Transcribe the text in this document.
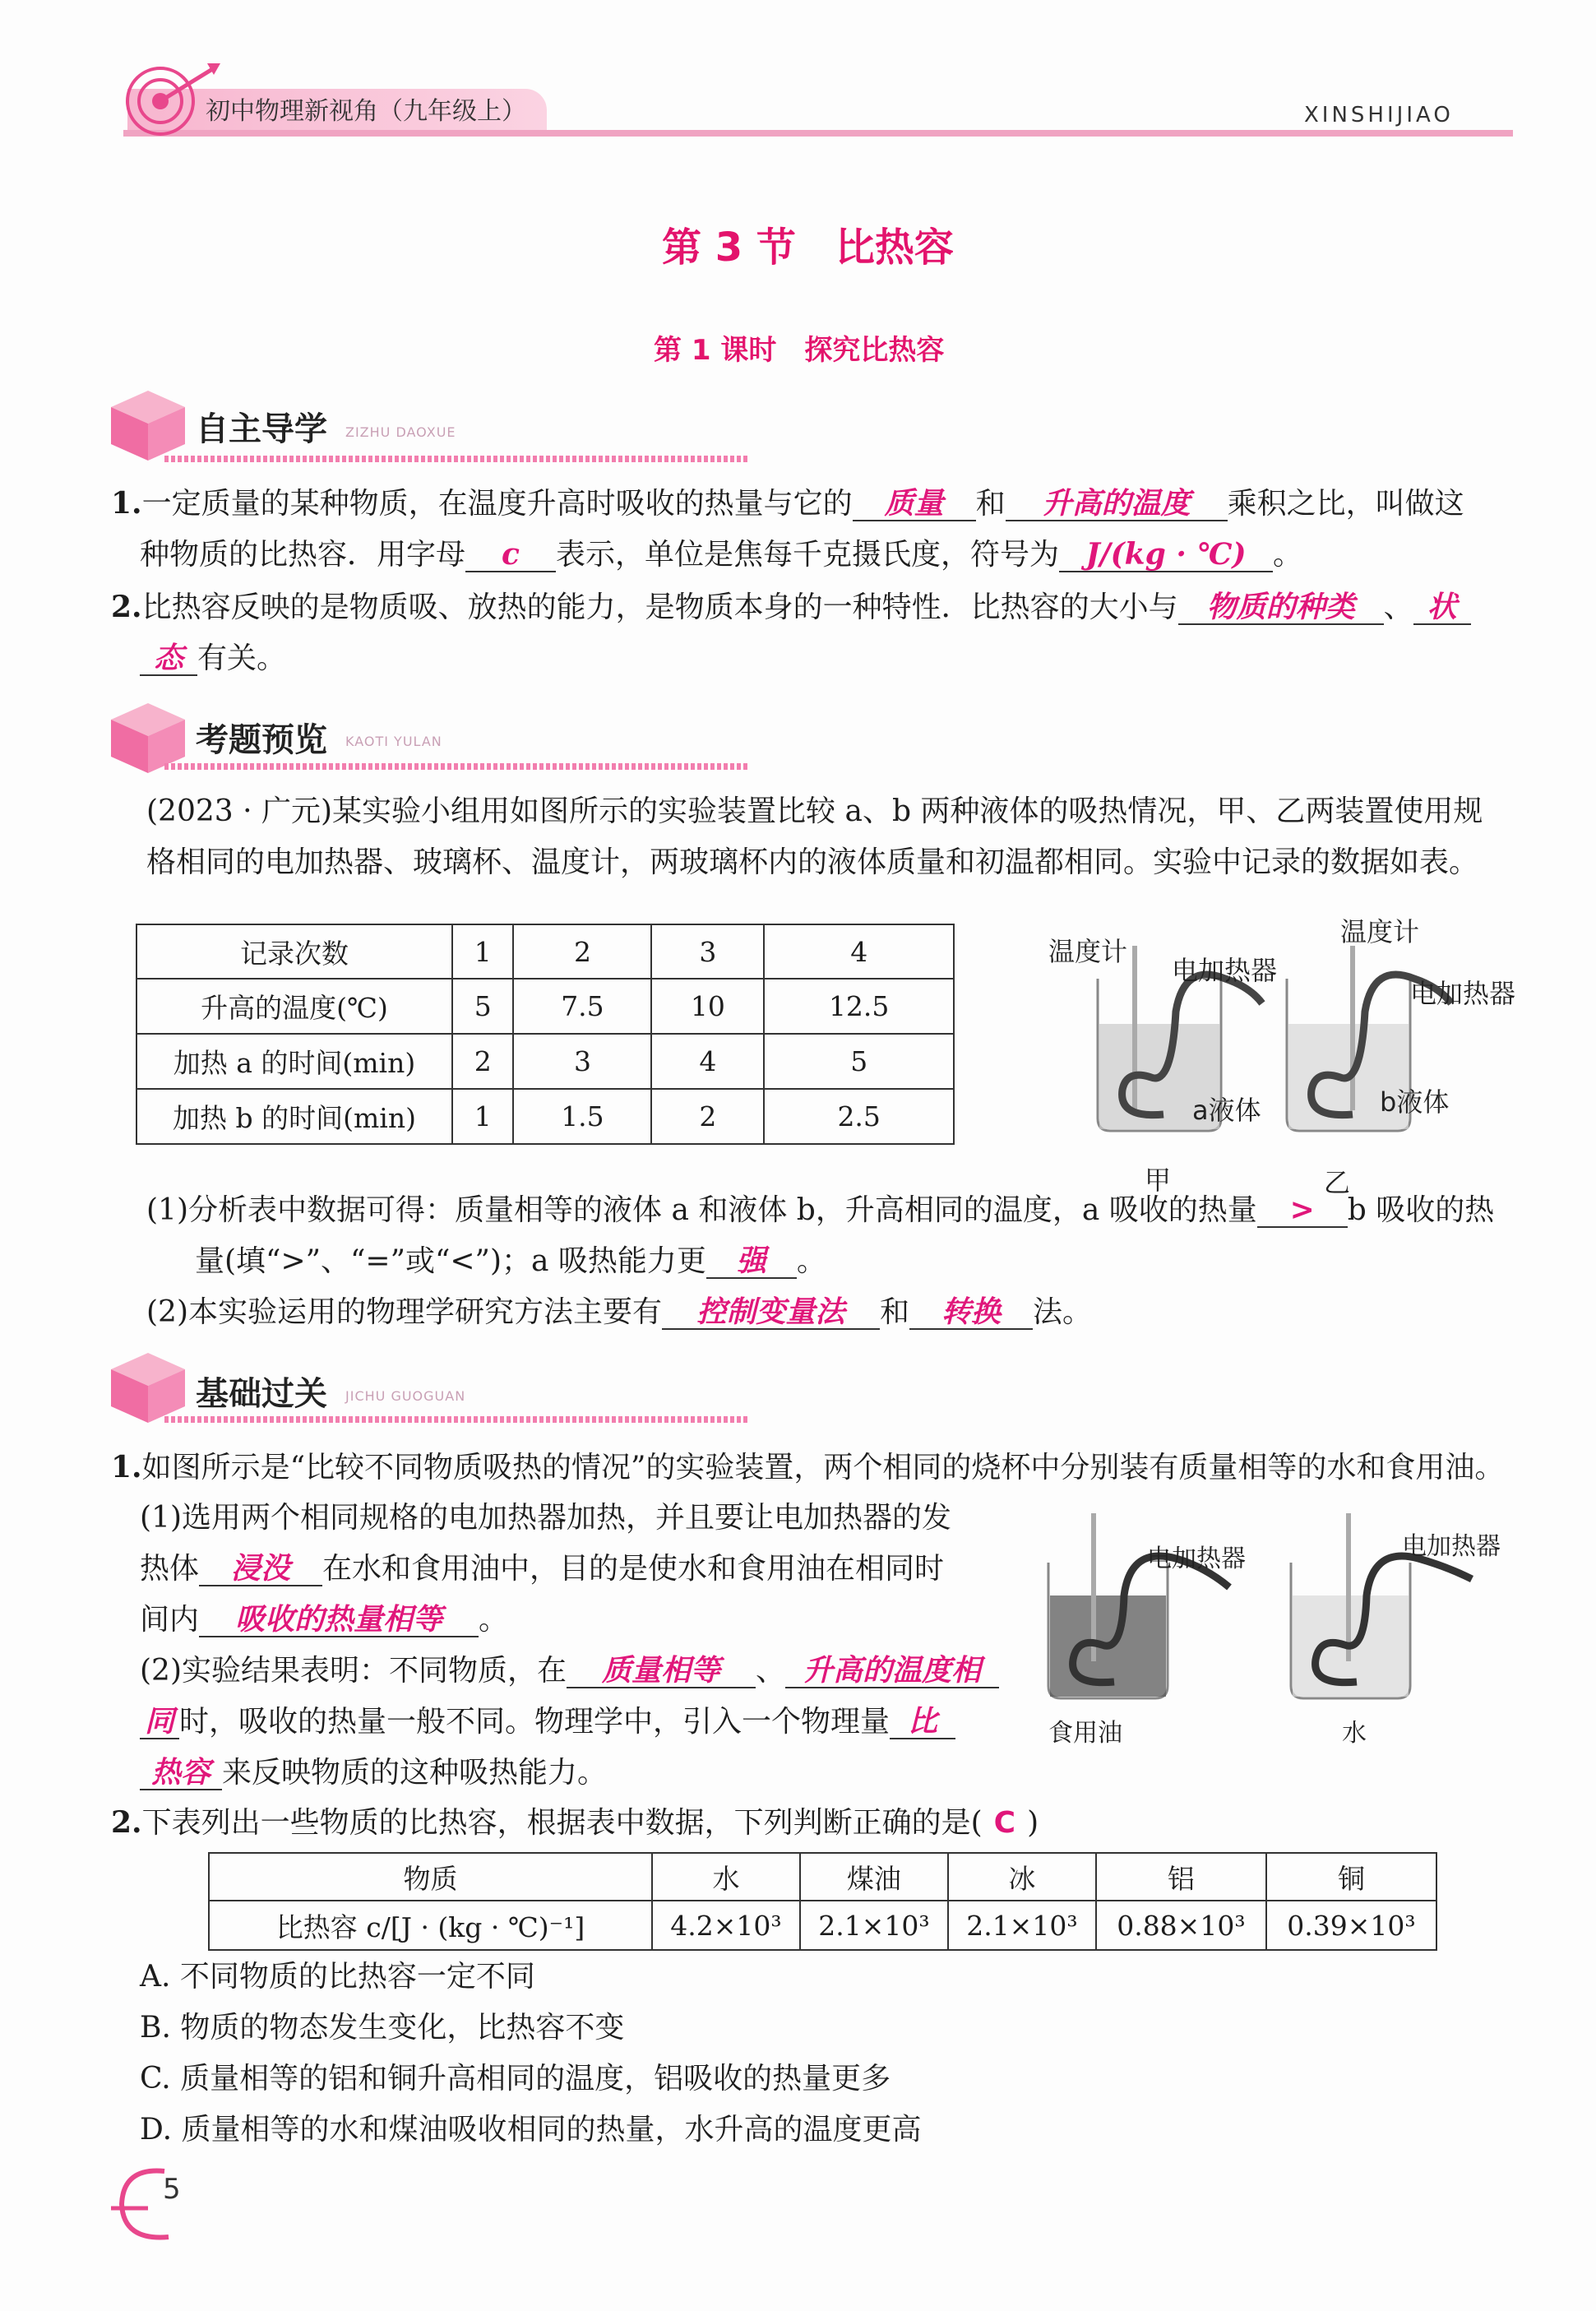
初中物理新视角（九年级上）	XINSHIJIAO
第 3 节　比热容
第 1 课时　探究比热容
自主导学 ZIZHU DAOXUE
1.一定质量的某种物质，在温度升高时吸收的热量与它的 质量 和 升高的温度 乘积之比，叫做这
种物质的比热容．用字母 c 表示，单位是焦每千克摄氏度，符号为 J/(kg · ℃) 。
2.比热容反映的是物质吸、放热的能力，是物质本身的一种特性．比热容的大小与 物质的种类 、 状
态 有关。
考题预览 KAOTI YULAN
(2023 · 广元)某实验小组用如图所示的实验装置比较 a、b 两种液体的吸热情况，甲、乙两装置使用规
格相同的电加热器、玻璃杯、温度计，两玻璃杯内的液体质量和初温都相同。实验中记录的数据如表。
记录次数	1	2	3	4
升高的温度(℃)	5	7.5	10	12.5
加热 a 的时间(min)	2	3	4	5
加热 b 的时间(min)	1	1.5	2	2.5
温度计
电加热器
a液体
甲
温度计
电加热器
b液体
乙
(1)分析表中数据可得：质量相等的液体 a 和液体 b，升高相同的温度，a 吸收的热量 > b 吸收的热
量(填“>”、“=”或“<”)；a 吸热能力更 强 。
(2)本实验运用的物理学研究方法主要有 控制变量法 和 转换 法。
基础过关 JICHU GUOGUAN
1.如图所示是“比较不同物质吸热的情况”的实验装置，两个相同的烧杯中分别装有质量相等的水和食用油。
(1)选用两个相同规格的电加热器加热，并且要让电加热器的发
热体 浸没 在水和食用油中，目的是使水和食用油在相同时
间内 吸收的热量相等 。
(2)实验结果表明：不同物质，在 质量相等 、 升高的温度相
同 时，吸收的热量一般不同。物理学中，引入一个物理量 比
热容 来反映物质的这种吸热能力。
电加热器
食用油
电加热器
水
2.下表列出一些物质的比热容，根据表中数据，下列判断正确的是( C )
物质	水	煤油	冰	铝	铜
比热容 c/[J · (kg · ℃)⁻¹]	4.2×10³	2.1×10³	2.1×10³	0.88×10³	0.39×10³
A. 不同物质的比热容一定不同
B. 物质的物态发生变化，比热容不变
C. 质量相等的铝和铜升高相同的温度，铝吸收的热量更多
D. 质量相等的水和煤油吸收相同的热量，水升高的温度更高
5
